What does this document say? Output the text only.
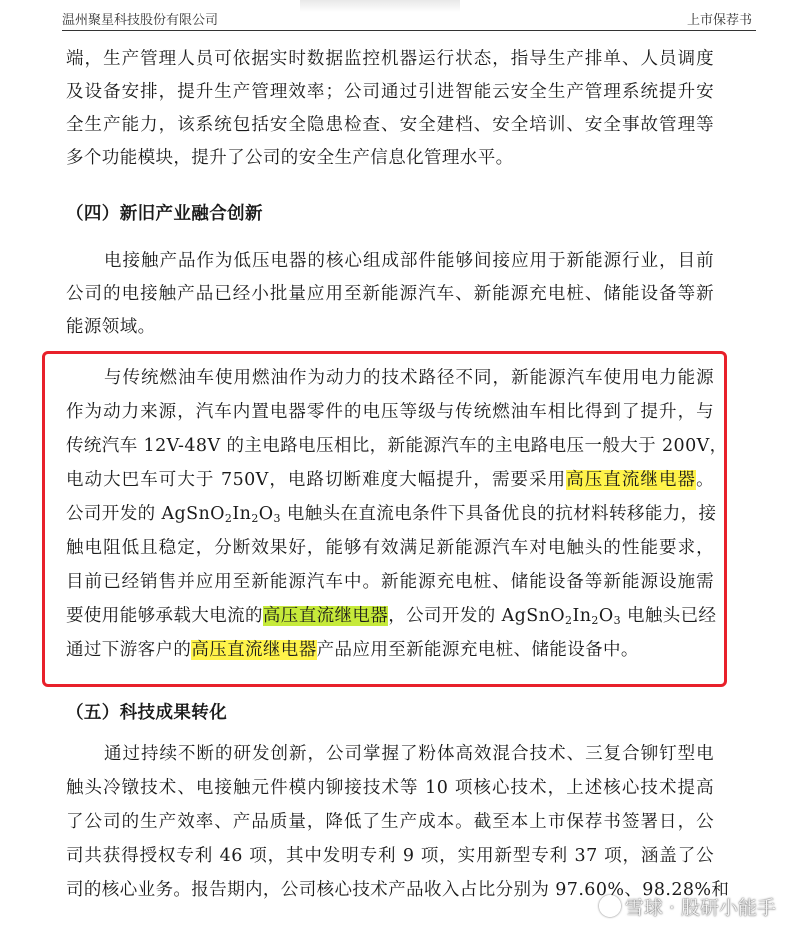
温州聚星科技股份有限公司	上市保荐书
端，生产管理人员可依据实时数据监控机器运行状态，指导生产排单、人员调度
及设备安排，提升生产管理效率；公司通过引进智能云安全生产管理系统提升安
全生产能力，该系统包括安全隐患检查、安全建档、安全培训、安全事故管理等
多个功能模块，提升了公司的安全生产信息化管理水平。
（四）新旧产业融合创新
电接触产品作为低压电器的核心组成部件能够间接应用于新能源行业，目前
公司的电接触产品已经小批量应用至新能源汽车、新能源充电桩、储能设备等新
能源领域。
与传统燃油车使用燃油作为动力的技术路径不同，新能源汽车使用电力能源
作为动力来源，汽车内置电器零件的电压等级与传统燃油车相比得到了提升，与
传统汽车 12V-48V 的主电路电压相比，新能源汽车的主电路电压一般大于 200V，
电动大巴车可大于 750V，电路切断难度大幅提升，需要采用高压直流继电器。
公司开发的 $AgSnO_2In_2O_3$ 电触头在直流电条件下具备优良的抗材料转移能力，接
触电阻低且稳定，分断效果好，能够有效满足新能源汽车对电触头的性能要求，
目前已经销售并应用至新能源汽车中。新能源充电桩、储能设备等新能源设施需
要使用能够承载大电流的高压直流继电器，公司开发的 $AgSnO_2In_2O_3$ 电触头已经
通过下游客户的高压直流继电器产品应用至新能源充电桩、储能设备中。
（五）科技成果转化
通过持续不断的研发创新，公司掌握了粉体高效混合技术、三复合铆钉型电
触头冷镦技术、电接触元件模内铆接技术等 10 项核心技术，上述核心技术提高
了公司的生产效率、产品质量，降低了生产成本。截至本上市保荐书签署日，公
司共获得授权专利 46 项，其中发明专利 9 项，实用新型专利 37 项，涵盖了公
司的核心业务。报告期内，公司核心技术产品收入占比分别为 97.60%、98.28%和
雪球 · 股研小能手
